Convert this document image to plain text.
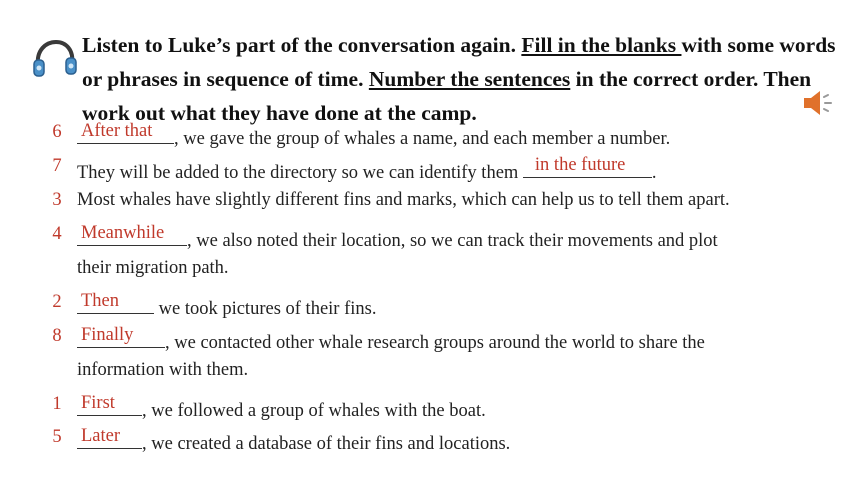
Listen to Luke’s part of the conversation again. Fill in the blanks with some words or phrases in sequence of time. Number the sentences in the correct order. Then work out what they have done at the camp.
6 After that , we gave the group of whales a name, and each member a number.
7 They will be added to the directory so we can identify them in the future .
3 Most whales have slightly different fins and marks, which can help us to tell them apart.
4 Meanwhile , we also noted their location, so we can track their movements and plot
their migration path.
2 Then we took pictures of their fins.
8 Finally , we contacted other whale research groups around the world to share the
information with them.
1 First , we followed a group of whales with the boat.
5 Later , we created a database of their fins and locations.
